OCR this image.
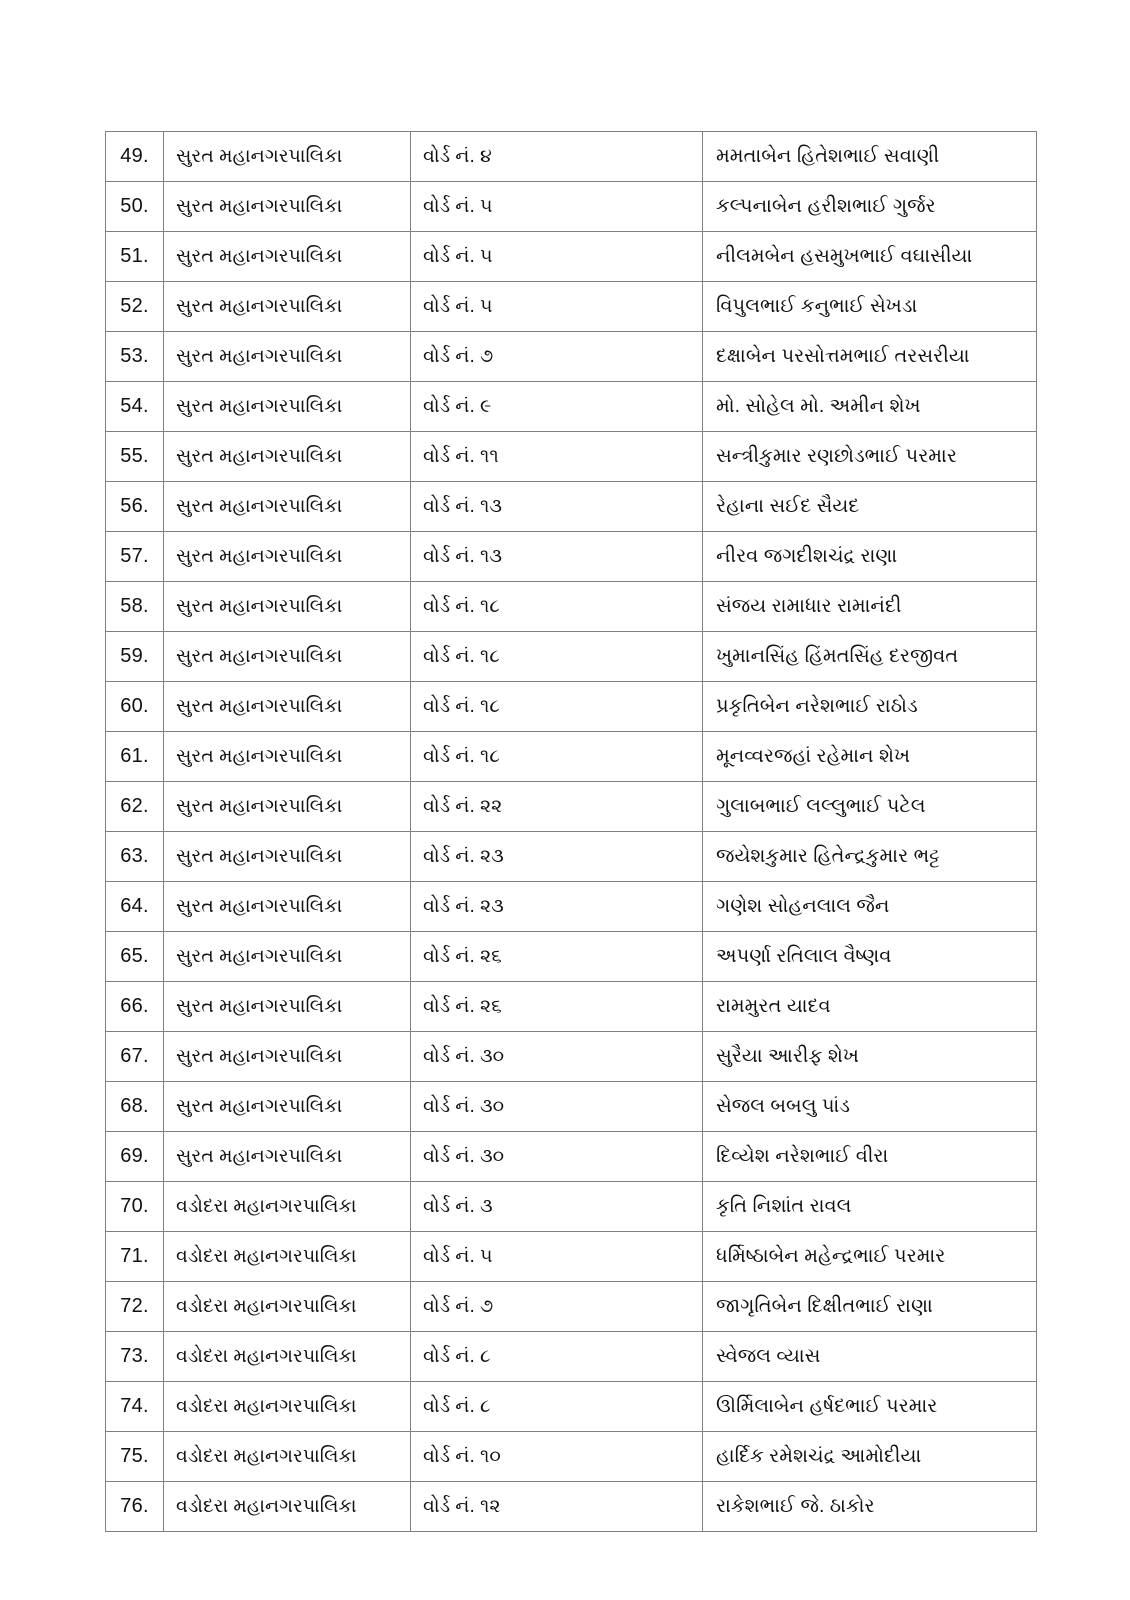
49.	સુરત મહાનગરપાલિકા	વોર્ડ નં. ૪	મમતાબેન હિતેશભાઈ સવાણી
50.	સુરત મહાનગરપાલિકા	વોર્ડ નં. ૫	કલ્પનાબેન હરીશભાઈ ગુર્જર
51.	સુરત મહાનગરપાલિકા	વોર્ડ નં. ૫	નીલમબેન હસમુખભાઈ વઘાસીયા
52.	સુરત મહાનગરપાલિકા	વોર્ડ નં. ૫	વિપુલભાઈ કનુભાઈ સેખડા
53.	સુરત મહાનગરપાલિકા	વોર્ડ નં. ૭	દક્ષાબેન પરસોત્તમભાઈ તરસરીયા
54.	સુરત મહાનગરપાલિકા	વોર્ડ નં. ૯	મો. સોહેલ મો. અમીન શેખ
55.	સુરત મહાનગરપાલિકા	વોર્ડ નં. ૧૧	સન્ત્રીકુમાર રણછોડભાઈ પરમાર
56.	સુરત મહાનગરપાલિકા	વોર્ડ નં. ૧૩	રેહાના સઈદ સૈયદ
57.	સુરત મહાનગરપાલિકા	વોર્ડ નં. ૧૩	નીરવ જગદીશચંદ્ર રાણા
58.	સુરત મહાનગરપાલિકા	વોર્ડ નં. ૧૮	સંજય રામાધાર રામાનંદી
59.	સુરત મહાનગરપાલિકા	વોર્ડ નં. ૧૮	ખુમાનસિંહ હિંમતસિંહ દરજીવત
60.	સુરત મહાનગરપાલિકા	વોર્ડ નં. ૧૮	પ્રકૃતિબેન નરેશભાઈ રાઠોડ
61.	સુરત મહાનગરપાલિકા	વોર્ડ નં. ૧૮	મૂનવ્વરજહાં રહેમાન શેખ
62.	સુરત મહાનગરપાલિકા	વોર્ડ નં. ૨૨	ગુલાબભાઈ લલ્લુભાઈ પટેલ
63.	સુરત મહાનગરપાલિકા	વોર્ડ નં. ૨૩	જયેશકુમાર હિતેન્દ્રકુમાર ભટ્ટ
64.	સુરત મહાનગરપાલિકા	વોર્ડ નં. ૨૩	ગણેશ સોહનલાલ જૈન
65.	સુરત મહાનગરપાલિકા	વોર્ડ નં. ૨૬	અપર્ણા રતિલાલ વૈષ્ણવ
66.	સુરત મહાનગરપાલિકા	વોર્ડ નં. ૨૬	રામમુરત યાદવ
67.	સુરત મહાનગરપાલિકા	વોર્ડ નં. ૩૦	સુરૈયા આરીફ શેખ
68.	સુરત મહાનગરપાલિકા	વોર્ડ નં. ૩૦	સેજલ બબલુ પાંડ
69.	સુરત મહાનગરપાલિકા	વોર્ડ નં. ૩૦	દિવ્યેશ નરેશભાઈ વીરા
70.	વડોદરા મહાનગરપાલિકા	વોર્ડ નં. ૩	કૃતિ નિશાંત રાવલ
71.	વડોદરા મહાનગરપાલિકા	વોર્ડ નં. ૫	ધર્મિષ્ઠાબેન મહેન્દ્રભાઈ પરમાર
72.	વડોદરા મહાનગરપાલિકા	વોર્ડ નં. ૭	જાગૃતિબેન દિક્ષીતભાઈ રાણા
73.	વડોદરા મહાનગરપાલિકા	વોર્ડ નં. ૮	સ્વેજલ વ્યાસ
74.	વડોદરા મહાનગરપાલિકા	વોર્ડ નં. ૮	ઊર્મિલાબેન હર્ષદભાઈ પરમાર
75.	વડોદરા મહાનગરપાલિકા	વોર્ડ નં. ૧૦	હાર્દિક રમેશચંદ્ર આમોદીયા
76.	વડોદરા મહાનગરપાલિકા	વોર્ડ નં. ૧૨	રાકેશભાઈ જે. ઠાકોર
